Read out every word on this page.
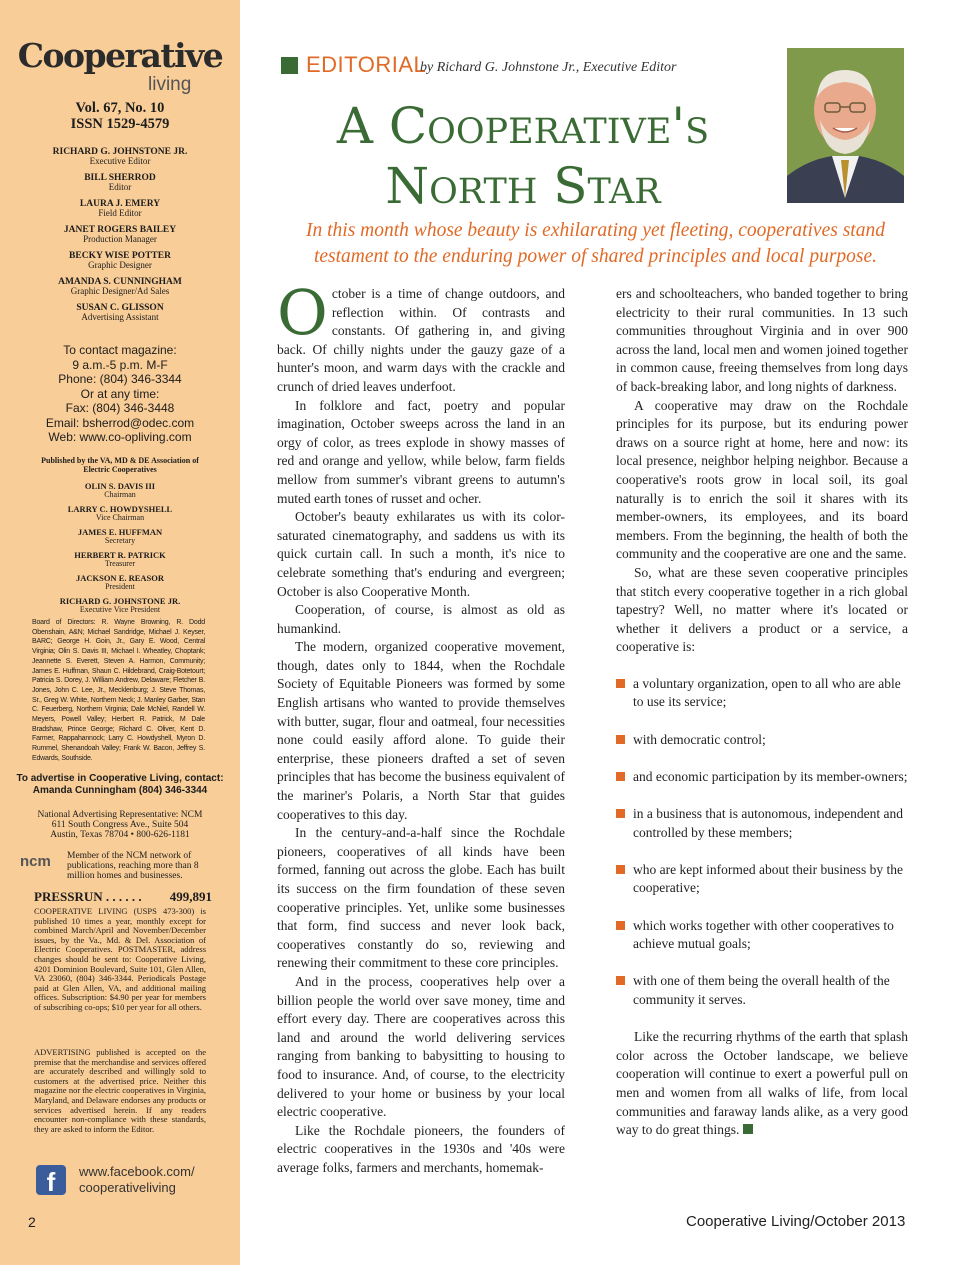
Cooperative
living
Vol. 67, No. 10
ISSN 1529-4579
RICHARD G. JOHNSTONE JR.
Executive Editor
BILL SHERROD
Editor
LAURA J. EMERY
Field Editor
JANET ROGERS BAILEY
Production Manager
BECKY WISE POTTER
Graphic Designer
AMANDA S. CUNNINGHAM
Graphic Designer/Ad Sales
SUSAN C. GLISSON
Advertising Assistant
To contact magazine:
9 a.m.-5 p.m. M-F
Phone: (804) 346-3344
Or at any time:
Fax: (804) 346-3448
Email: bsherrod@odec.com
Web: www.co-opliving.com
Published by the VA, MD & DE Association of Electric Cooperatives
OLIN S. DAVIS III
Chairman
LARRY C. HOWDYSHELL
Vice Chairman
JAMES E. HUFFMAN
Secretary
HERBERT R. PATRICK
Treasurer
JACKSON E. REASOR
President
RICHARD G. JOHNSTONE JR.
Executive Vice President
Board of Directors: R. Wayne Browning, R. Dodd Obenshain, A&N; Michael Sandridge, Michael J. Keyser, BARC; George H. Goin, Jr., Gary E. Wood, Central Virginia; Olin S. Davis III, Michael I. Wheatley, Choptank; Jeannette S. Everett, Steven A. Harmon, Community; James E. Huffman, Shaun C. Hildebrand, Craig-Botetourt; Patricia S. Dorey, J. William Andrew, Delaware; Fletcher B. Jones, John C. Lee, Jr., Mecklenburg; J. Steve Thomas, Sr., Greg W. White, Northern Neck; J. Manley Garber, Stan C. Feuerberg, Northern Virginia; Dale McNiel, Randell W. Meyers, Powell Valley; Herbert R. Patrick, M Dale Bradshaw, Prince George; Richard C. Oliver, Kent D. Farmer, Rappahannock; Larry C. Howdyshell, Myron D. Rummel, Shenandoah Valley; Frank W. Bacon, Jeffrey S. Edwards, Southside.
To advertise in Cooperative Living, contact:
Amanda Cunningham (804) 346-3344
National Advertising Representative: NCM
611 South Congress Ave., Suite 504
Austin, Texas 78704 • 800-626-1181
ncm Member of the NCM network of publications, reaching more than 8 million homes and businesses.
PRESSRUN . . . . . . 499,891
COOPERATIVE LIVING (USPS 473-300) is published 10 times a year, monthly except for combined March/April and November/December issues, by the Va., Md. & Del. Association of Electric Cooperatives. POSTMASTER, address changes should be sent to: Cooperative Living, 4201 Dominion Boulevard, Suite 101, Glen Allen, VA 23060, (804) 346-3344. Periodicals Postage paid at Glen Allen, VA, and additional mailing offices. Subscription: $4.90 per year for members of subscribing co-ops; $10 per year for all others.
ADVERTISING published is accepted on the premise that the merchandise and services offered are accurately described and willingly sold to customers at the advertised price. Neither this magazine nor the electric cooperatives in Virginia, Maryland, and Delaware endorses any products or services advertised herein. If any readers encounter non-compliance with these standards, they are asked to inform the Editor.
f	www.facebook.com/
cooperativeliving
2
EDITORIAL
by Richard G. Johnstone Jr., Executive Editor
A Cooperative's
North Star
In this month whose beauty is exhilarating yet fleeting, cooperatives stand testament to the enduring power of shared principles and local purpose.

October is a time of change outdoors, and reflection within. Of contrasts and constants. Of gathering in, and giving back. Of chilly nights under the gauzy gaze of a hunter's moon, and warm days with the crackle and crunch of dried leaves underfoot.

In folklore and fact, poetry and popular imagination, October sweeps across the land in an orgy of color, as trees explode in showy masses of red and orange and yellow, while below, farm fields mellow from summer's vibrant greens to autumn's muted earth tones of russet and ocher.

October's beauty exhilarates us with its color-saturated cinematography, and saddens us with its quick curtain call. In such a month, it's nice to celebrate something that's enduring and evergreen; October is also Cooperative Month.

Cooperation, of course, is almost as old as humankind.

The modern, organized cooperative movement, though, dates only to 1844, when the Rochdale Society of Equitable Pioneers was formed by some English artisans who wanted to provide themselves with butter, sugar, flour and oatmeal, four necessities none could easily afford alone. To guide their enterprise, these pioneers drafted a set of seven principles that has become the business equivalent of the mariner's Polaris, a North Star that guides cooperatives to this day.

In the century-and-a-half since the Rochdale pioneers, cooperatives of all kinds have been formed, fanning out across the globe. Each has built its success on the firm foundation of these seven cooperative principles. Yet, unlike some businesses that form, find success and never look back, cooperatives constantly do so, reviewing and renewing their commitment to these core principles.

And in the process, cooperatives help over a billion people the world over save money, time and effort every day. There are cooperatives across this land and around the world delivering services ranging from banking to babysitting to housing to food to insurance. And, of course, to the electricity delivered to your home or business by your local electric cooperative.

Like the Rochdale pioneers, the founders of electric cooperatives in the 1930s and '40s were average folks, farmers and merchants, homemak-

ers and schoolteachers, who banded together to bring electricity to their rural communities. In 13 such communities throughout Virginia and in over 900 across the land, local men and women joined together in common cause, freeing themselves from long days of back-breaking labor, and long nights of darkness.

A cooperative may draw on the Rochdale principles for its purpose, but its enduring power draws on a source right at home, here and now: its local presence, neighbor helping neighbor. Because a cooperative's roots grow in local soil, its goal naturally is to enrich the soil it shares with its member-owners, its employees, and its board members. From the beginning, the health of both the community and the cooperative are one and the same.

So, what are these seven cooperative principles that stitch every cooperative together in a rich global tapestry? Well, no matter where it's located or whether it delivers a product or a service, a cooperative is:

a voluntary organization, open to all who are able to use its service;
with democratic control;
and economic participation by its member-owners;
in a business that is autonomous, independent and controlled by these members;
who are kept informed about their business by the cooperative;
which works together with other cooperatives to achieve mutual goals;
with one of them being the overall health of the community it serves.

Like the recurring rhythms of the earth that splash color across the October landscape, we believe cooperation will continue to exert a powerful pull on men and women from all walks of life, from local communities and faraway lands alike, as a very good way to do great things.

Cooperative Living/October 2013
